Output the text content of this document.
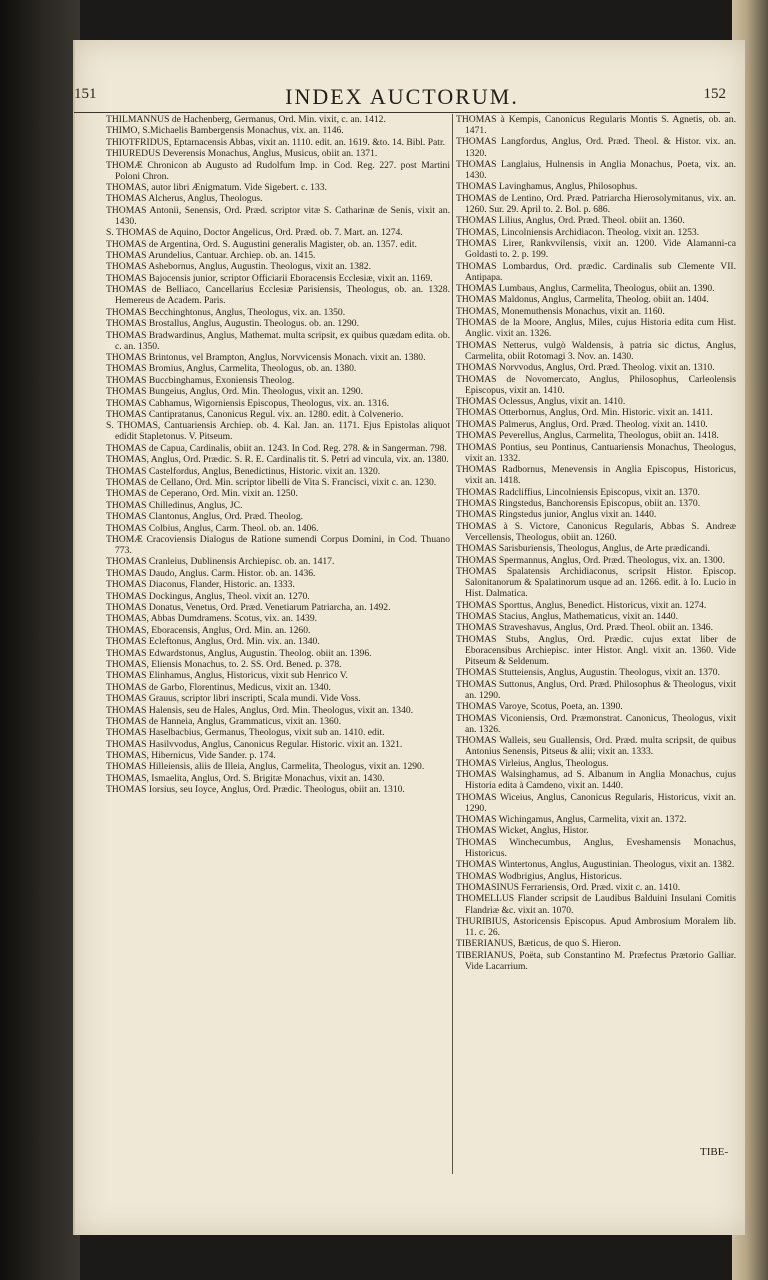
151	INDEX AUCTORUM.	152

THILMANNUS de Hachenberg, Germanus, Ord. Min. vixit, c. an. 1412.

THIMO, S.Michaelis Bambergensis Monachus, vix. an. 1146.

THIOTFRIDUS, Eptarnacensis Abbas, vixit an. 1110. edit. an. 1619. &to. 14. Bibl. Patr.

THIUREDUS Deverensis Monachus, Anglus, Musicus, obiit an. 1371.

THOMÆ Chronicon ab Augusto ad Rudolfum Imp. in Cod. Reg. 227. post Martini Poloni Chron.

THOMAS, autor libri Ænigmatum. Vide Sigebert. c. 133.

THOMAS Alcherus, Anglus, Theologus.

THOMAS Antonii, Senensis, Ord. Præd. scriptor vitæ S. Catharinæ de Senis, vixit an. 1430.

S. THOMAS de Aquino, Doctor Angelicus, Ord. Præd. ob. 7. Mart. an. 1274.

THOMAS de Argentina, Ord. S. Augustini generalis Magister, ob. an. 1357. edit.

THOMAS Arundelius, Cantuar. Archiep. ob. an. 1415.

THOMAS Ashebornus, Anglus, Augustin. Theologus, vixit an. 1382.

THOMAS Bajocensis junior, scriptor Officiarii Eboracensis Ecclesiæ, vixit an. 1169.

THOMAS de Belliaco, Cancellarius Ecclesiæ Parisiensis, Theologus, ob. an. 1328. Hemereus de Academ. Paris.

THOMAS Becchinghtonus, Anglus, Theologus, vix. an. 1350.

THOMAS Brostallus, Anglus, Augustin. Theologus. ob. an. 1290.

THOMAS Bradwardinus, Anglus, Mathemat. multa scripsit, ex quibus quædam edita. ob. c. an. 1350.

THOMAS Brintonus, vel Brampton, Anglus, Norvvicensis Monach. vixit an. 1380.

THOMAS Bromius, Anglus, Carmelita, Theologus, ob. an. 1380.

THOMAS Buccbinghamus, Exoniensis Theolog.

THOMAS Bungeius, Anglus, Ord. Min. Theologus, vixit an. 1290.

THOMAS Cabhamus, Wigorniensis Episcopus, Theologus, vix. an. 1316.

THOMAS Cantipratanus, Canonicus Regul. vix. an. 1280. edit. à Colvenerio.

S. THOMAS, Cantuariensis Archiep. ob. 4. Kal. Jan. an. 1171. Ejus Epistolas aliquot edidit Stapletonus. V. Pitseum.

THOMAS de Capua, Cardinalis, obiit an. 1243. In Cod. Reg. 278. & in Sangerman. 798.

THOMAS, Anglus, Ord. Prædic. S. R. E. Cardinalis tit. S. Petri ad vincula, vix. an. 1380.

THOMAS Castelfordus, Anglus, Benedictinus, Historic. vixit an. 1320.

THOMAS de Cellano, Ord. Min. scriptor libelli de Vita S. Francisci, vixit c. an. 1230.

THOMAS de Ceperano, Ord. Min. vixit an. 1250.

THOMAS Chilledinus, Anglus, JC.

THOMAS Clantonus, Anglus, Ord. Præd. Theolog.

THOMAS Colbius, Anglus, Carm. Theol. ob. an. 1406.

THOMÆ Cracoviensis Dialogus de Ratione sumendi Corpus Domini, in Cod. Thuano 773.

THOMAS Cranleius, Dublinensis Archiepisc. ob. an. 1417.

THOMAS Daudo, Anglus. Carm. Histor. ob. an. 1436.

THOMAS Diaconus, Flander, Historic. an. 1333.

THOMAS Dockingus, Anglus, Theol. vixit an. 1270.

THOMAS Donatus, Venetus, Ord. Præd. Venetiarum Patriarcha, an. 1492.

THOMAS, Abbas Dumdramens. Scotus, vix. an. 1439.

THOMAS, Eboracensis, Anglus, Ord. Min. an. 1260.

THOMAS Ecleftonus, Anglus, Ord. Min. vix. an. 1340.

THOMAS Edwardstonus, Anglus, Augustin. Theolog. obiit an. 1396.

THOMAS, Eliensis Monachus, to. 2. SS. Ord. Bened. p. 378.

THOMAS Elinhamus, Anglus, Historicus, vixit sub Henrico V.

THOMAS de Garbo, Florentinus, Medicus, vixit an. 1340.

THOMAS Grauus, scriptor libri inscripti, Scala mundi. Vide Voss.

THOMAS Halensis, seu de Hales, Anglus, Ord. Min. Theologus, vixit an. 1340.

THOMAS de Hanneia, Anglus, Grammaticus, vixit an. 1360.

THOMAS Haselbacbius, Germanus, Theologus, vixit sub an. 1410. edit.

THOMAS Hasilvvodus, Anglus, Canonicus Regular. Historic. vixit an. 1321.

THOMAS, Hibernicus, Vide Sander. p. 174.

THOMAS Hilleiensis, aliis de Illeia, Anglus, Carmelita, Theologus, vixit an. 1290.

THOMAS, Ismaelita, Anglus, Ord. S. Brigitæ Monachus, vixit an. 1430.

THOMAS Iorsius, seu Ioyce, Anglus, Ord. Prædic. Theologus, obiit an. 1310.

THOMAS à Kempis, Canonicus Regularis Montis S. Agnetis, ob. an. 1471.

THOMAS Langfordus, Anglus, Ord. Præd. Theol. & Histor. vix. an. 1320.

THOMAS Langlaius, Hulnensis in Anglia Monachus, Poeta, vix. an. 1430.

THOMAS Lavinghamus, Anglus, Philosophus.

THOMAS de Lentino, Ord. Præd. Patriarcha Hierosolymitanus, vix. an. 1260. Sur. 29. April to. 2. Bol. p. 686.

THOMAS Lilius, Anglus, Ord. Præd. Theol. obiit an. 1360.

THOMAS, Lincolniensis Archidiacon. Theolog. vixit an. 1253.

THOMAS Lirer, Rankvvilensis, vixit an. 1200. Vide Alamanni-ca Goldasti to. 2. p. 199.

THOMAS Lombardus, Ord. prædic. Cardinalis sub Clemente VII. Antipapa.

THOMAS Lumbaus, Anglus, Carmelita, Theologus, obiit an. 1390.

THOMAS Maldonus, Anglus, Carmelita, Theolog. obiit an. 1404.

THOMAS, Monemuthensis Monachus, vixit an. 1160.

THOMAS de la Moore, Anglus, Miles, cujus Historia edita cum Hist. Anglic. vixit an. 1326.

THOMAS Netterus, vulgò Waldensis, à patria sic dictus, Anglus, Carmelita, obiit Rotomagi 3. Nov. an. 1430.

THOMAS Norvvodus, Anglus, Ord. Præd. Theolog. vixit an. 1310.

THOMAS de Novomercato, Anglus, Philosophus, Carleolensis Episcopus, vixit an. 1410.

THOMAS Oclessus, Anglus, vixit an. 1410.

THOMAS Otterbornus, Anglus, Ord. Min. Historic. vixit an. 1411.

THOMAS Palmerus, Anglus, Ord. Præd. Theolog. vixit an. 1410.

THOMAS Peverellus, Anglus, Carmelita, Theologus, obiit an. 1418.

THOMAS Pontius, seu Pontinus, Cantuariensis Monachus, Theologus, vixit an. 1332.

THOMAS Radbornus, Menevensis in Anglia Episcopus, Historicus, vixit an. 1418.

THOMAS Radcliffius, Lincolniensis Episcopus, vixit an. 1370.

THOMAS Ringstedus, Banchorensis Episcopus, obiit an. 1370.

THOMAS Ringstedus junior, Anglus vixit an. 1440.

THOMAS à S. Victore, Canonicus Regularis, Abbas S. Andreæ Vercellensis, Theologus, obiit an. 1260.

THOMAS Sarisburiensis, Theologus, Anglus, de Arte prædicandi.

THOMAS Spermannus, Anglus, Ord. Præd. Theologus, vix. an. 1300.

THOMAS Spalatensis Archidiaconus, scripsit Histor. Episcop. Salonitanorum & Spalatinorum usque ad an. 1266. edit. à Io. Lucio in Hist. Dalmatica.

THOMAS Sporttus, Anglus, Benedict. Historicus, vixit an. 1274.

THOMAS Stacius, Anglus, Mathematicus, vixit an. 1440.

THOMAS Straveshavus, Anglus, Ord. Præd. Theol. obiit an. 1346.

THOMAS Stubs, Anglus, Ord. Prædic. cujus extat liber de Eboracensibus Archiepisc. inter Histor. Angl. vixit an. 1360. Vide Pitseum & Seldenum.

THOMAS Stutteiensis, Anglus, Augustin. Theologus, vixit an. 1370.

THOMAS Suttonus, Anglus, Ord. Præd. Philosophus & Theologus, vixit an. 1290.

THOMAS Varoye, Scotus, Poeta, an. 1390.

THOMAS Viconiensis, Ord. Præmonstrat. Canonicus, Theologus, vixit an. 1326.

THOMAS Walleis, seu Guallensis, Ord. Præd. multa scripsit, de quibus Antonius Senensis, Pitseus & alii; vixit an. 1333.

THOMAS Virleius, Anglus, Theologus.

THOMAS Walsinghamus, ad S. Albanum in Anglia Monachus, cujus Historia edita à Camdeno, vixit an. 1440.

THOMAS Wiceius, Anglus, Canonicus Regularis, Historicus, vixit an. 1290.

THOMAS Wichingamus, Anglus, Carmelita, vixit an. 1372.

THOMAS Wicket, Anglus, Histor.

THOMAS Winchecumbus, Anglus, Eveshamensis Monachus, Historicus.

THOMAS Wintertonus, Anglus, Augustinian. Theologus, vixit an. 1382.

THOMAS Wodbrigius, Anglus, Historicus.

THOMASINUS Ferrariensis, Ord. Præd. vixit c. an. 1410.

THOMELLUS Flander scripsit de Laudibus Balduini Insulani Comitis Flandriæ &c. vixit an. 1070.

THURIBIUS, Astoricensis Episcopus. Apud Ambrosium Moralem lib. 11. c. 26.

TIBERIANUS, Bæticus, de quo S. Hieron.

TIBERIANUS, Poëta, sub Constantino M. Præfectus Prætorio Galliar. Vide Lacarrium.

TIBE-
